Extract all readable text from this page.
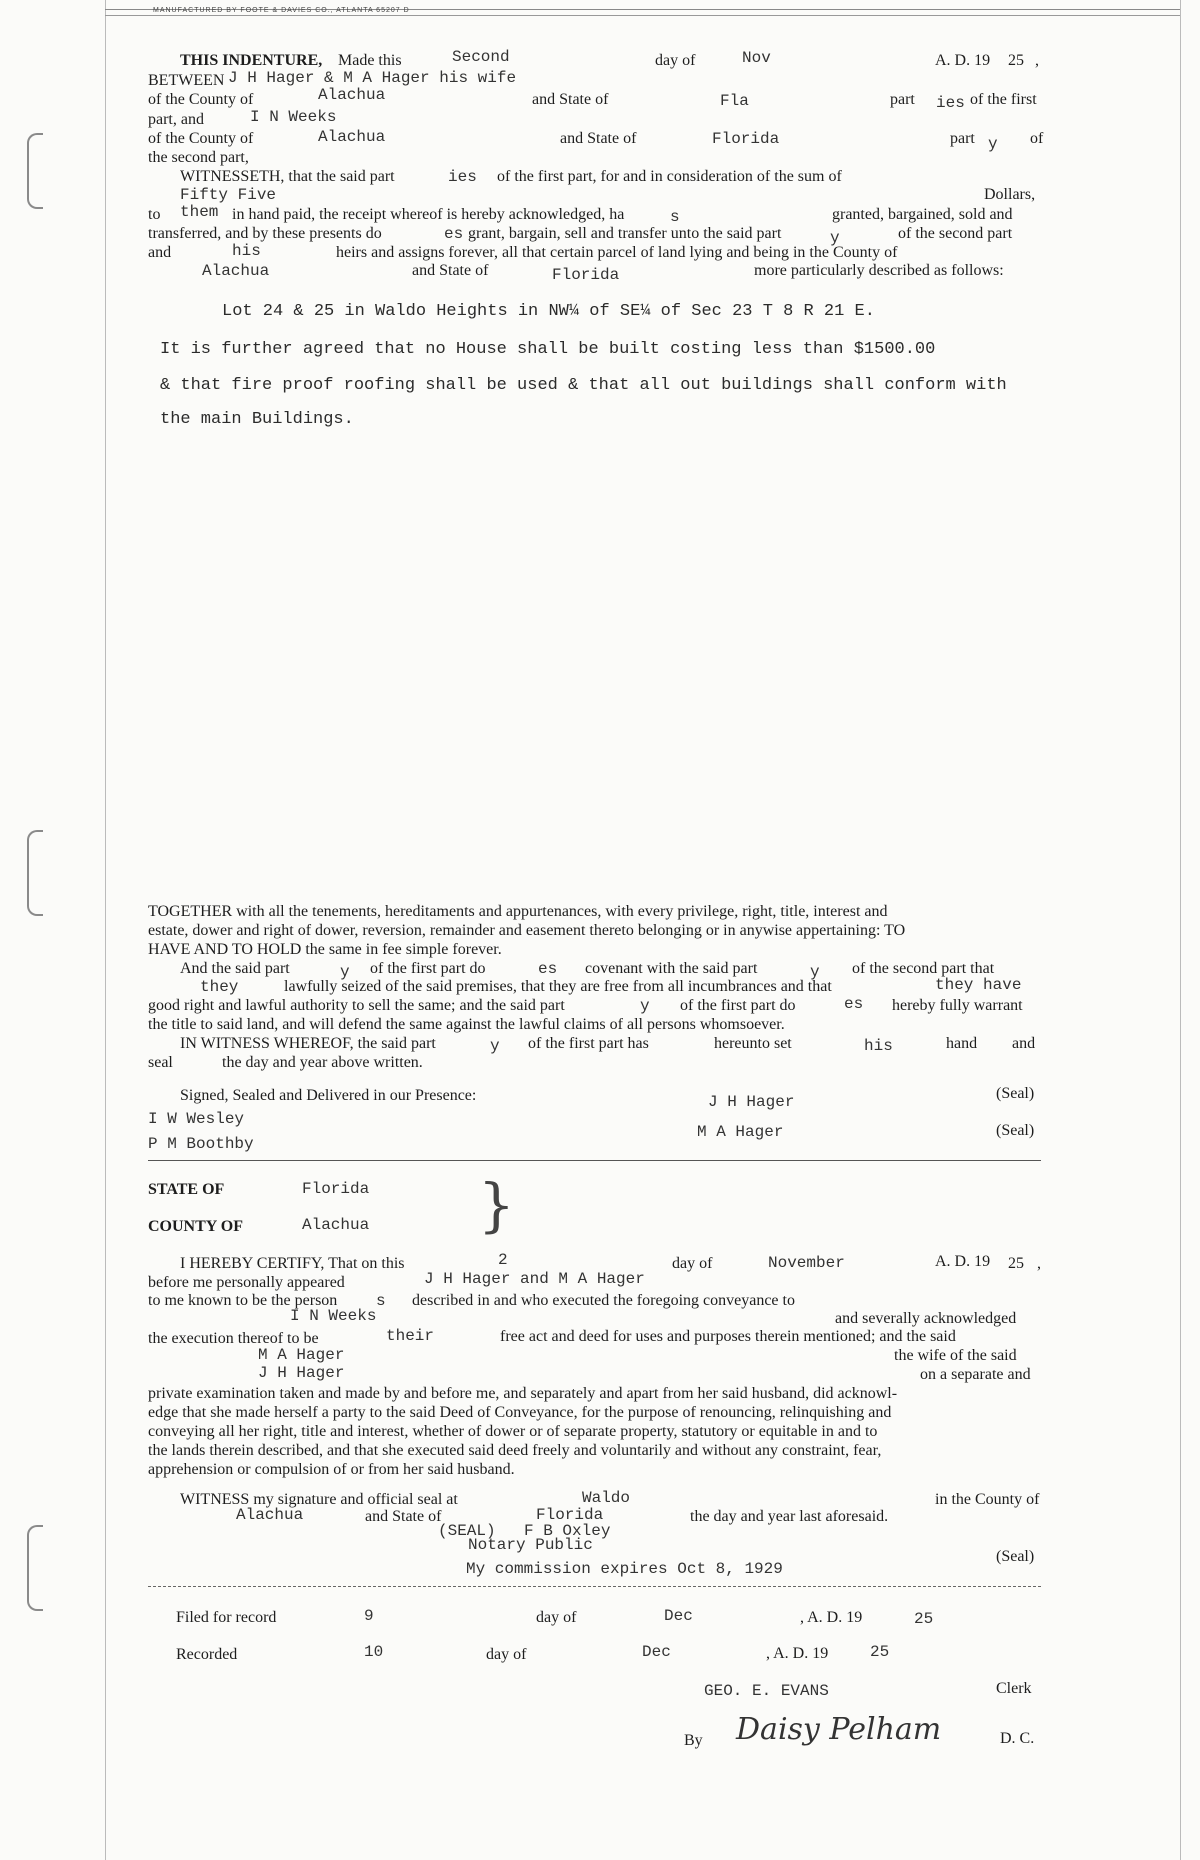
MANUFACTURED BY FOOTE & DAVIES CO., ATLANTA 65207 D
THIS INDENTURE, Made this	Second	day of	Nov	A. D. 19 25 ,
BETWEEN J H Hager & M A Hager his wife
of the County of	Alachua	and State of	Fla	part ies of the first
part, and	I N Weeks
of the County of	Alachua	and State of	Florida	part y of
the second part,
WITNESSETH, that the said part	ies of the first part, for and in consideration of the sum of
Fifty Five	Dollars,
to them in hand paid, the receipt whereof is hereby acknowledged, ha	s	granted, bargained, sold and
transferred, and by these presents do	es grant, bargain, sell and transfer unto the said part	y	of the second part
and	his	heirs and assigns forever, all that certain parcel of land lying and being in the County of
Alachua	and State of	Florida	more particularly described as follows:
Lot 24 & 25 in Waldo Heights in NW¼ of SE¼ of Sec 23 T 8 R 21 E.
It is further agreed that no House shall be built costing less than $1500.00
& that fire proof roofing shall be used & that all out buildings shall conform with
the main Buildings.
TOGETHER with all the tenements, hereditaments and appurtenances, with every privilege, right, title, interest and
estate, dower and right of dower, reversion, remainder and easement thereto belonging or in anywise appertaining: TO
HAVE AND TO HOLD the same in fee simple forever.
And the said part	y of the first part do	es covenant with the said part	y of the second part that
they	lawfully seized of the said premises, that they are free from all incumbrances and that	they have
good right and lawful authority to sell the same; and the said part	y of the first part do	es hereby fully warrant
the title to said land, and will defend the same against the lawful claims of all persons whomsoever.
IN WITNESS WHEREOF, the said part	y of the first part has	hereunto set	his	hand and
seal	the day and year above written.
Signed, Sealed and Delivered in our Presence:
I W Wesley
P M Boothby
J H Hager
M A Hager
(Seal)
(Seal)
STATE OF	Florida
COUNTY OF	Alachua }
I HEREBY CERTIFY, That on this	2	day of	November	A. D. 19 25 ,
before me personally appeared	J H Hager and M A Hager
to me known to be the person s described in and who executed the foregoing conveyance to
I N Weeks	and severally acknowledged
the execution thereof to be	their	free act and deed for uses and purposes therein mentioned; and the said
M A Hager	the wife of the said
J H Hager	on a separate and
private examination taken and made by and before me, and separately and apart from her said husband, did acknowl-
edge that she made herself a party to the said Deed of Conveyance, for the purpose of renouncing, relinquishing and
conveying all her right, title and interest, whether of dower or of separate property, statutory or equitable in and to
the lands therein described, and that she executed said deed freely and voluntarily and without any constraint, fear,
apprehension or compulsion of or from her said husband.
WITNESS my signature and official seal at	Waldo	in the County of
Alachua	and State of	Florida	the day and year last aforesaid.
(SEAL) F B Oxley
Notary Public
(Seal)
My commission expires Oct 8, 1929
Filed for record	9	day of	Dec	, A. D. 19	25
Recorded	10	day of	Dec	, A. D. 19	25
GEO. E. EVANS	Clerk
By Daisy Pelham	D. C.
